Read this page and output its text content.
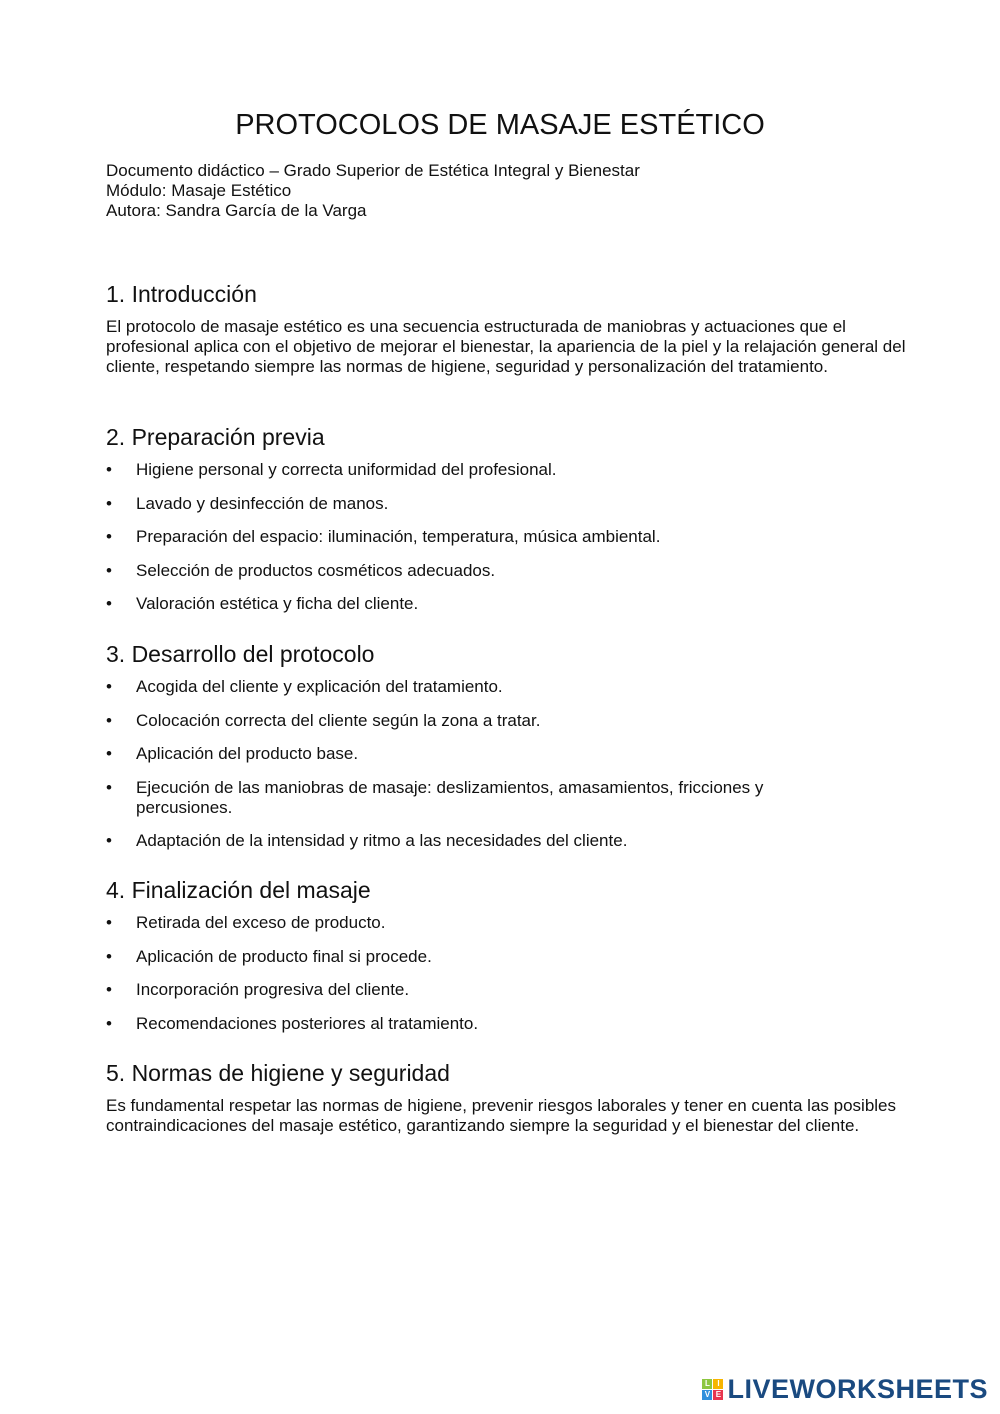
PROTOCOLOS DE MASAJE ESTÉTICO
Documento didáctico – Grado Superior de Estética Integral y Bienestar
Módulo: Masaje Estético
Autora: Sandra García de la Varga
1. Introducción

El protocolo de masaje estético es una secuencia estructurada de maniobras y actuaciones que el profesional aplica con el objetivo de mejorar el bienestar, la apariencia de la piel y la relajación general del cliente, respetando siempre las normas de higiene, seguridad y personalización del tratamiento.

2. Preparación previa
• Higiene personal y correcta uniformidad del profesional.
• Lavado y desinfección de manos.
• Preparación del espacio: iluminación, temperatura, música ambiental.
• Selección de productos cosméticos adecuados.
• Valoración estética y ficha del cliente.
3. Desarrollo del protocolo
• Acogida del cliente y explicación del tratamiento.
• Colocación correcta del cliente según la zona a tratar.
• Aplicación del producto base.
• Ejecución de las maniobras de masaje: deslizamientos, amasamientos, fricciones y percusiones.
• Adaptación de la intensidad y ritmo a las necesidades del cliente.
4. Finalización del masaje
• Retirada del exceso de producto.
• Aplicación de producto final si procede.
• Incorporación progresiva del cliente.
• Recomendaciones posteriores al tratamiento.
5. Normas de higiene y seguridad

Es fundamental respetar las normas de higiene, prevenir riesgos laborales y tener en cuenta las posibles contraindicaciones del masaje estético, garantizando siempre la seguridad y el bienestar del cliente.

L I
V E LIVEWORKSHEETS
